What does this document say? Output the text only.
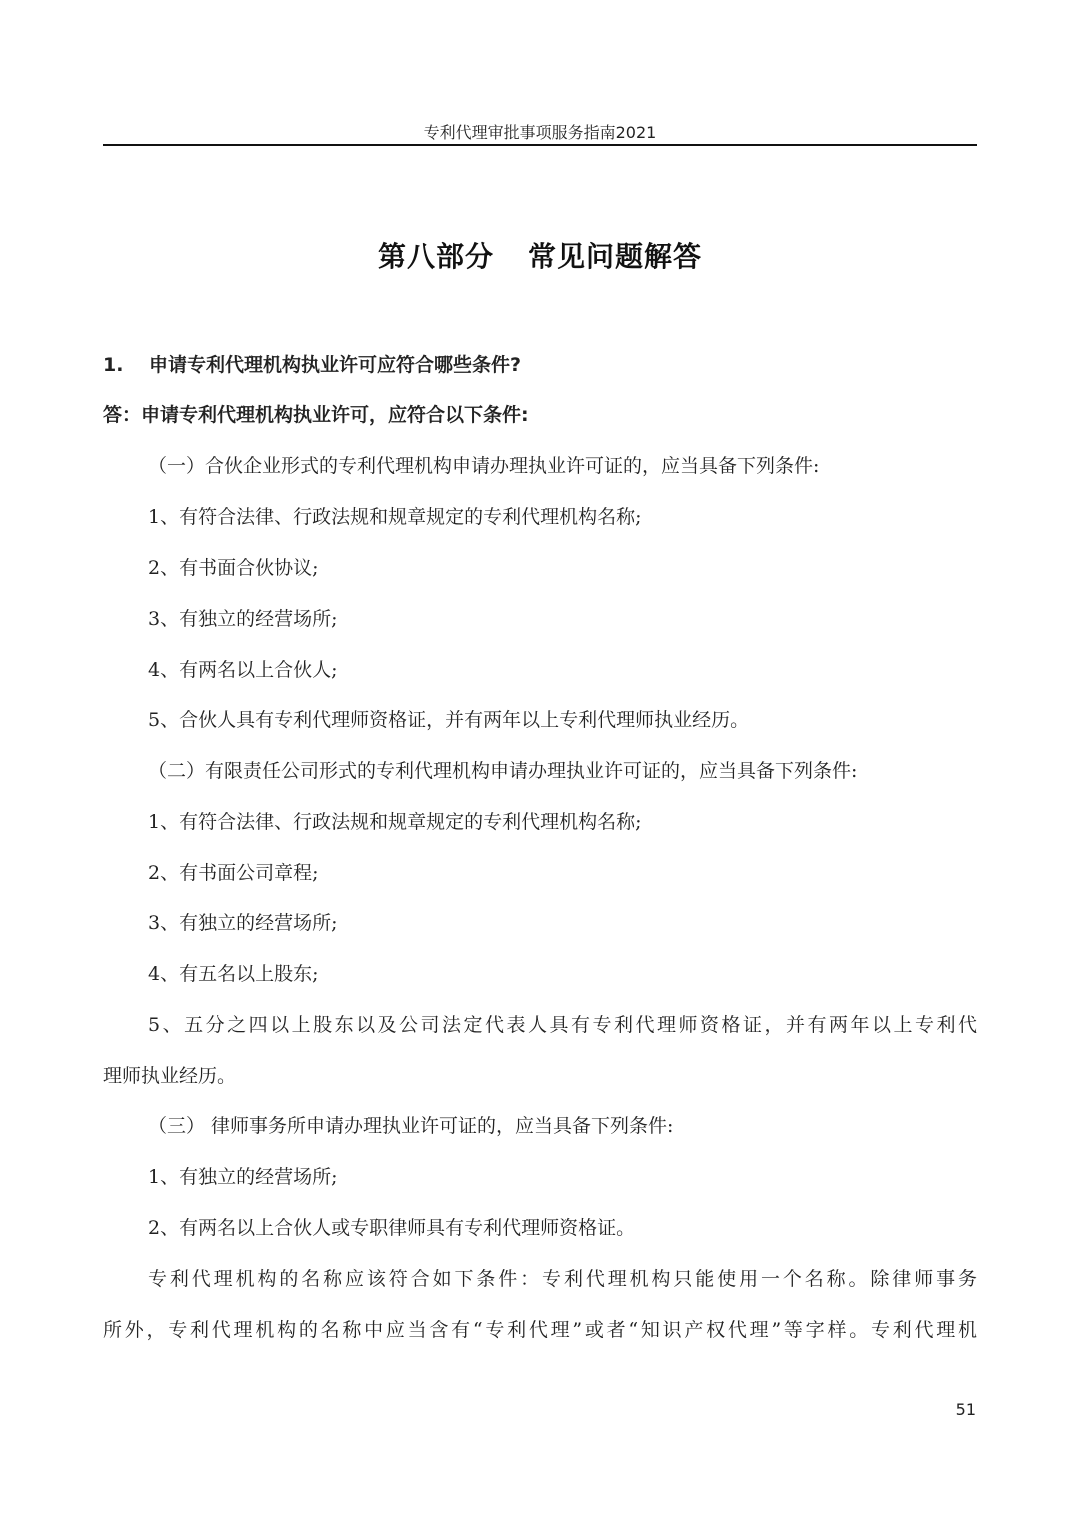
专利代理审批事项服务指南2021
第八部分 常见问题解答
1. 申请专利代理机构执业许可应符合哪些条件?
答：申请专利代理机构执业许可，应符合以下条件:
（一）合伙企业形式的专利代理机构申请办理执业许可证的，应当具备下列条件:
1、有符合法律、行政法规和规章规定的专利代理机构名称;
2、有书面合伙协议;
3、有独立的经营场所;
4、有两名以上合伙人;
5、合伙人具有专利代理师资格证，并有两年以上专利代理师执业经历。
（二）有限责任公司形式的专利代理机构申请办理执业许可证的，应当具备下列条件:
1、有符合法律、行政法规和规章规定的专利代理机构名称;
2、有书面公司章程;
3、有独立的经营场所;
4、有五名以上股东;
5、五分之四以上股东以及公司法定代表人具有专利代理师资格证，并有两年以上专利代
理师执业经历。
（三） 律师事务所申请办理执业许可证的，应当具备下列条件:
1、有独立的经营场所;
2、有两名以上合伙人或专职律师具有专利代理师资格证。
专利代理机构的名称应该符合如下条件：专利代理机构只能使用一个名称。除律师事务
所外，专利代理机构的名称中应当含有“专利代理”或者“知识产权代理”等字样。专利代理机
51
